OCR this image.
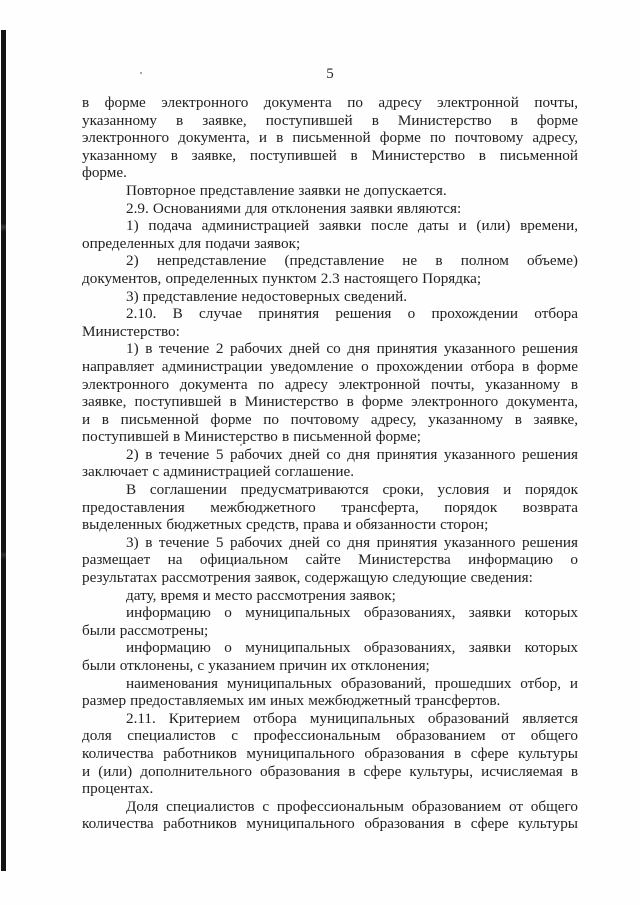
5

в форме электронного документа по адресу электронной почты,
указанному в заявке, поступившей в Министерство в форме
электронного документа, и в письменной форме по почтовому адресу,
указанному в заявке, поступившей в Министерство в письменной
форме.

Повторное представление заявки не допускается.

2.9. Основаниями для отклонения заявки являются:

1) подача администрацией заявки после даты и (или) времени,
определенных для подачи заявок;

2) непредставление (представление не в полном объеме)
документов, определенных пунктом 2.3 настоящего Порядка;

3) представление недостоверных сведений.

2.10. В случае принятия решения о прохождении отбора
Министерство:

1) в течение 2 рабочих дней со дня принятия указанного решения
направляет администрации уведомление о прохождении отбора в форме
электронного документа по адресу электронной почты, указанному в
заявке, поступившей в Министерство в форме электронного документа,
и в письменной форме по почтовому адресу, указанному в заявке,
поступившей в Министерство в письменной форме;

2) в течение 5 рабочих дней со дня принятия указанного решения
заключает с администрацией соглашение.

В соглашении предусматриваются сроки, условия и порядок
предоставления межбюджетного трансферта, порядок возврата
выделенных бюджетных средств, права и обязанности сторон;

3) в течение 5 рабочих дней со дня принятия указанного решения
размещает на официальном сайте Министерства информацию о
результатах рассмотрения заявок, содержащую следующие сведения:

дату, время и место рассмотрения заявок;

информацию о муниципальных образованиях, заявки которых
были рассмотрены;

информацию о муниципальных образованиях, заявки которых
были отклонены, с указанием причин их отклонения;

наименования муниципальных образований, прошедших отбор, и
размер предоставляемых им иных межбюджетный трансфертов.

2.11. Критерием отбора муниципальных образований является
доля специалистов с профессиональным образованием от общего
количества работников муниципального образования в сфере культуры
и (или) дополнительного образования в сфере культуры, исчисляемая в
процентах.

Доля специалистов с профессиональным образованием от общего
количества работников муниципального образования в сфере культуры
